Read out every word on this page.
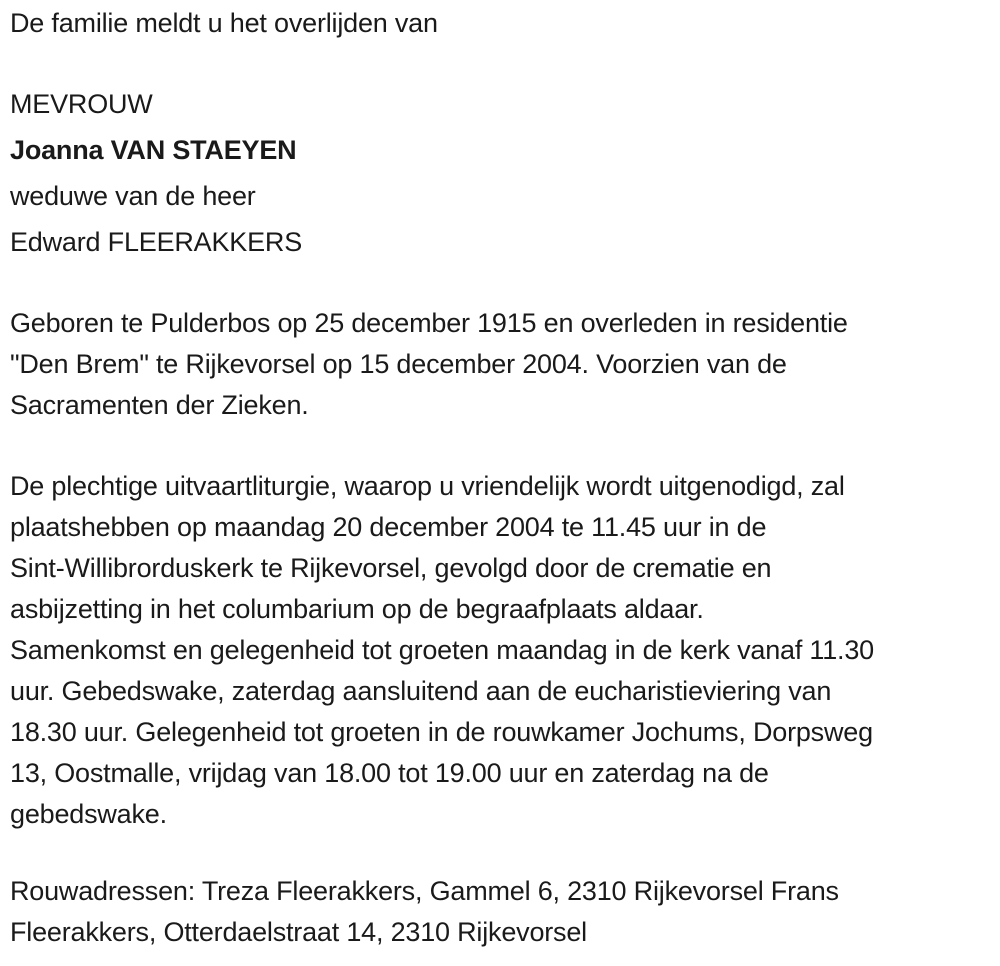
De familie meldt u het overlijden van

MEVROUW

Joanna VAN STAEYEN

weduwe van de heer

Edward FLEERAKKERS

Geboren te Pulderbos op 25 december 1915 en overleden in residentie
"Den Brem" te Rijkevorsel op 15 december 2004. Voorzien van de
Sacramenten der Zieken.

De plechtige uitvaartliturgie, waarop u vriendelijk wordt uitgenodigd, zal
plaatshebben op maandag 20 december 2004 te 11.45 uur in de
Sint-Willibrorduskerk te Rijkevorsel, gevolgd door de crematie en
asbijzetting in het columbarium op de begraafplaats aldaar.
Samenkomst en gelegenheid tot groeten maandag in de kerk vanaf 11.30
uur. Gebedswake, zaterdag aansluitend aan de eucharistieviering van
18.30 uur. Gelegenheid tot groeten in de rouwkamer Jochums, Dorpsweg
13, Oostmalle, vrijdag van 18.00 tot 19.00 uur en zaterdag na de
gebedswake.

Rouwadressen: Treza Fleerakkers, Gammel 6, 2310 Rijkevorsel Frans
Fleerakkers, Otterdaelstraat 14, 2310 Rijkevorsel
